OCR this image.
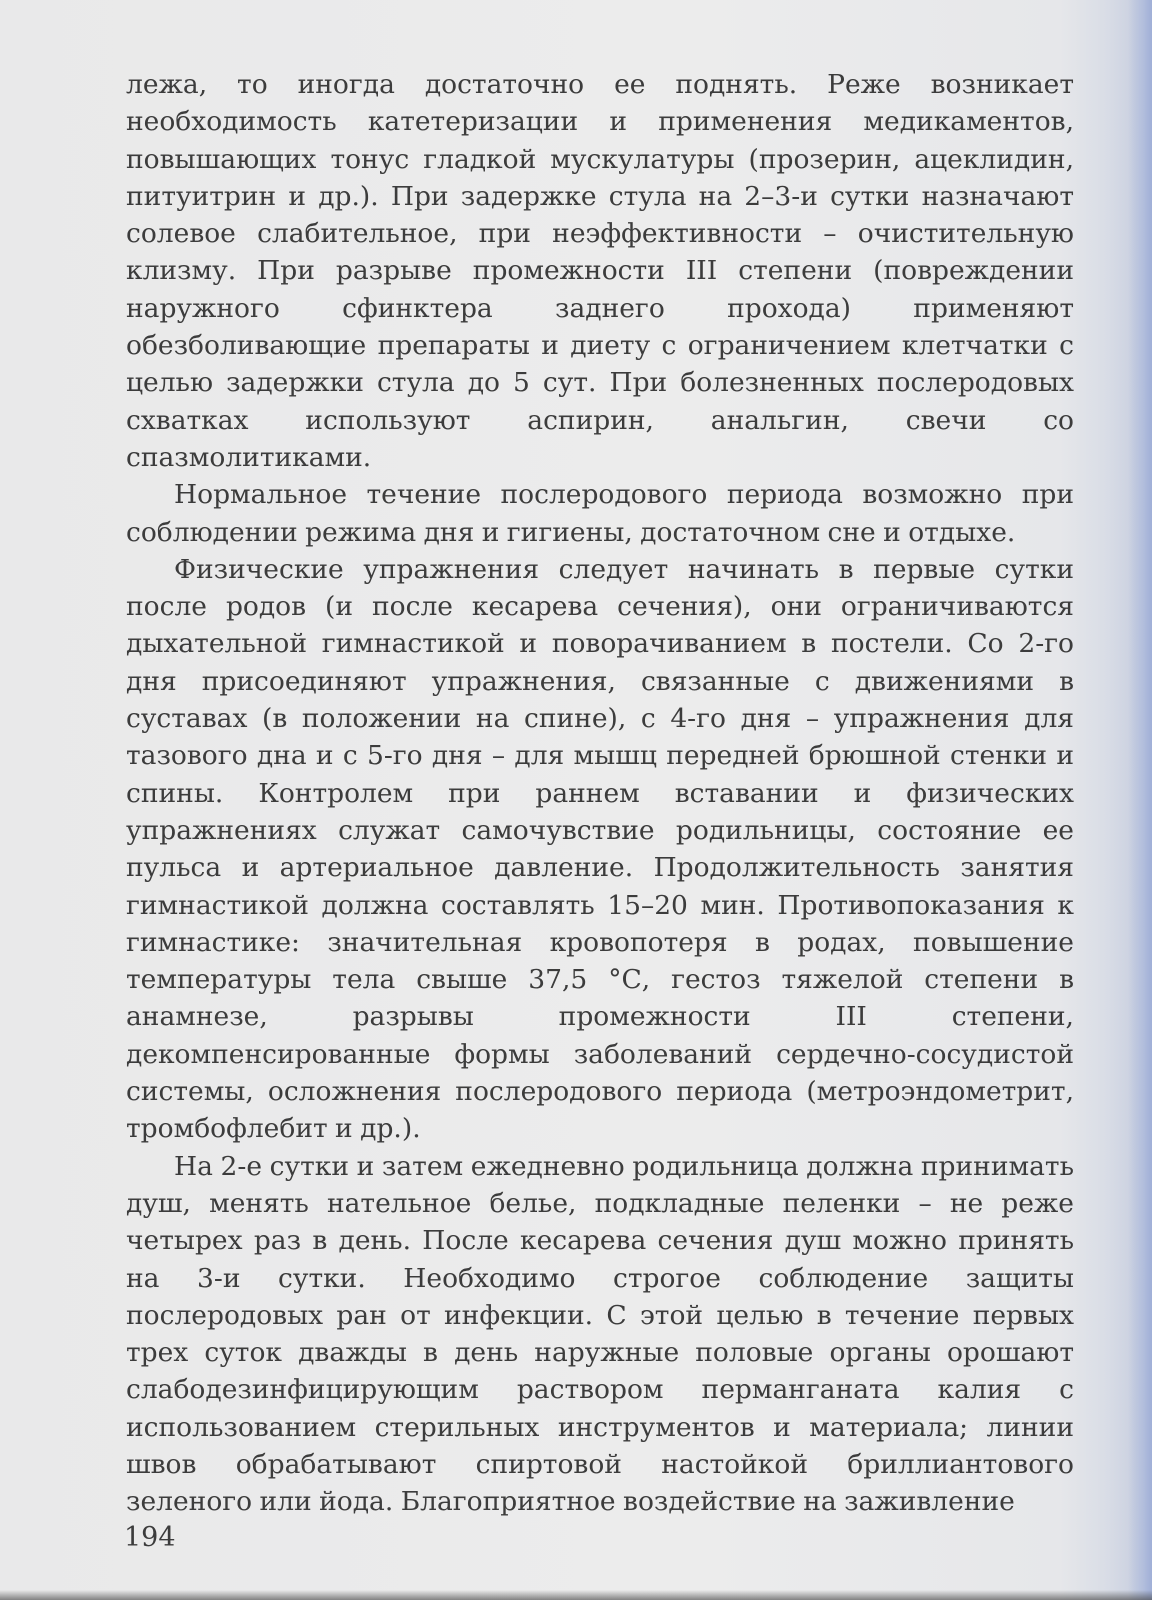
лежа, то иногда достаточно ее поднять. Реже возникает необходимость катетеризации и применения медикаментов, повышающих тонус гладкой мускулатуры (прозерин, ацеклидин, питуитрин и др.). При задержке стула на 2–3-и сутки назначают солевое слабительное, при неэффективности – очистительную клизму. При разрыве промежности III степени (повреждении наружного сфинктера заднего прохода) применяют обезболивающие препараты и диету с ограничением клетчатки с целью задержки стула до 5 сут. При болезненных послеродовых схватках используют аспирин, анальгин, свечи со спазмолитиками.

Нормальное течение послеродового периода возможно при соблюдении режима дня и гигиены, достаточном сне и отдыхе.

Физические упражнения следует начинать в первые сутки после родов (и после кесарева сечения), они ограничиваются дыхательной гимнастикой и поворачиванием в постели. Со 2-го дня присоединяют упражнения, связанные с движениями в суставах (в положении на спине), с 4-го дня – упражнения для тазового дна и с 5-го дня – для мышц передней брюшной стенки и спины. Контролем при раннем вставании и физических упражнениях служат самочувствие родильницы, состояние ее пульса и артериальное давление. Продолжительность занятия гимнастикой должна составлять 15–20 мин. Противопоказания к гимнастике: значительная кровопотеря в родах, повышение температуры тела свыше 37,5 °С, гестоз тяжелой степени в анамнезе, разрывы промежности III степени, декомпенсированные формы заболеваний сердечно-сосудистой системы, осложнения послеродового периода (метроэндометрит, тромбофлебит и др.).

На 2-е сутки и затем ежедневно родильница должна принимать душ, менять нательное белье, подкладные пеленки – не реже четырех раз в день. После кесарева сечения душ можно принять на 3-и сутки. Необходимо строгое соблюдение защиты послеродовых ран от инфекции. С этой целью в течение первых трех суток дважды в день наружные половые органы орошают слабодезинфицирующим раствором перманганата калия с использованием стерильных инструментов и материала; линии швов обрабатывают спиртовой настойкой бриллиантового зеленого или йода. Благоприятное воздействие на заживление

194
